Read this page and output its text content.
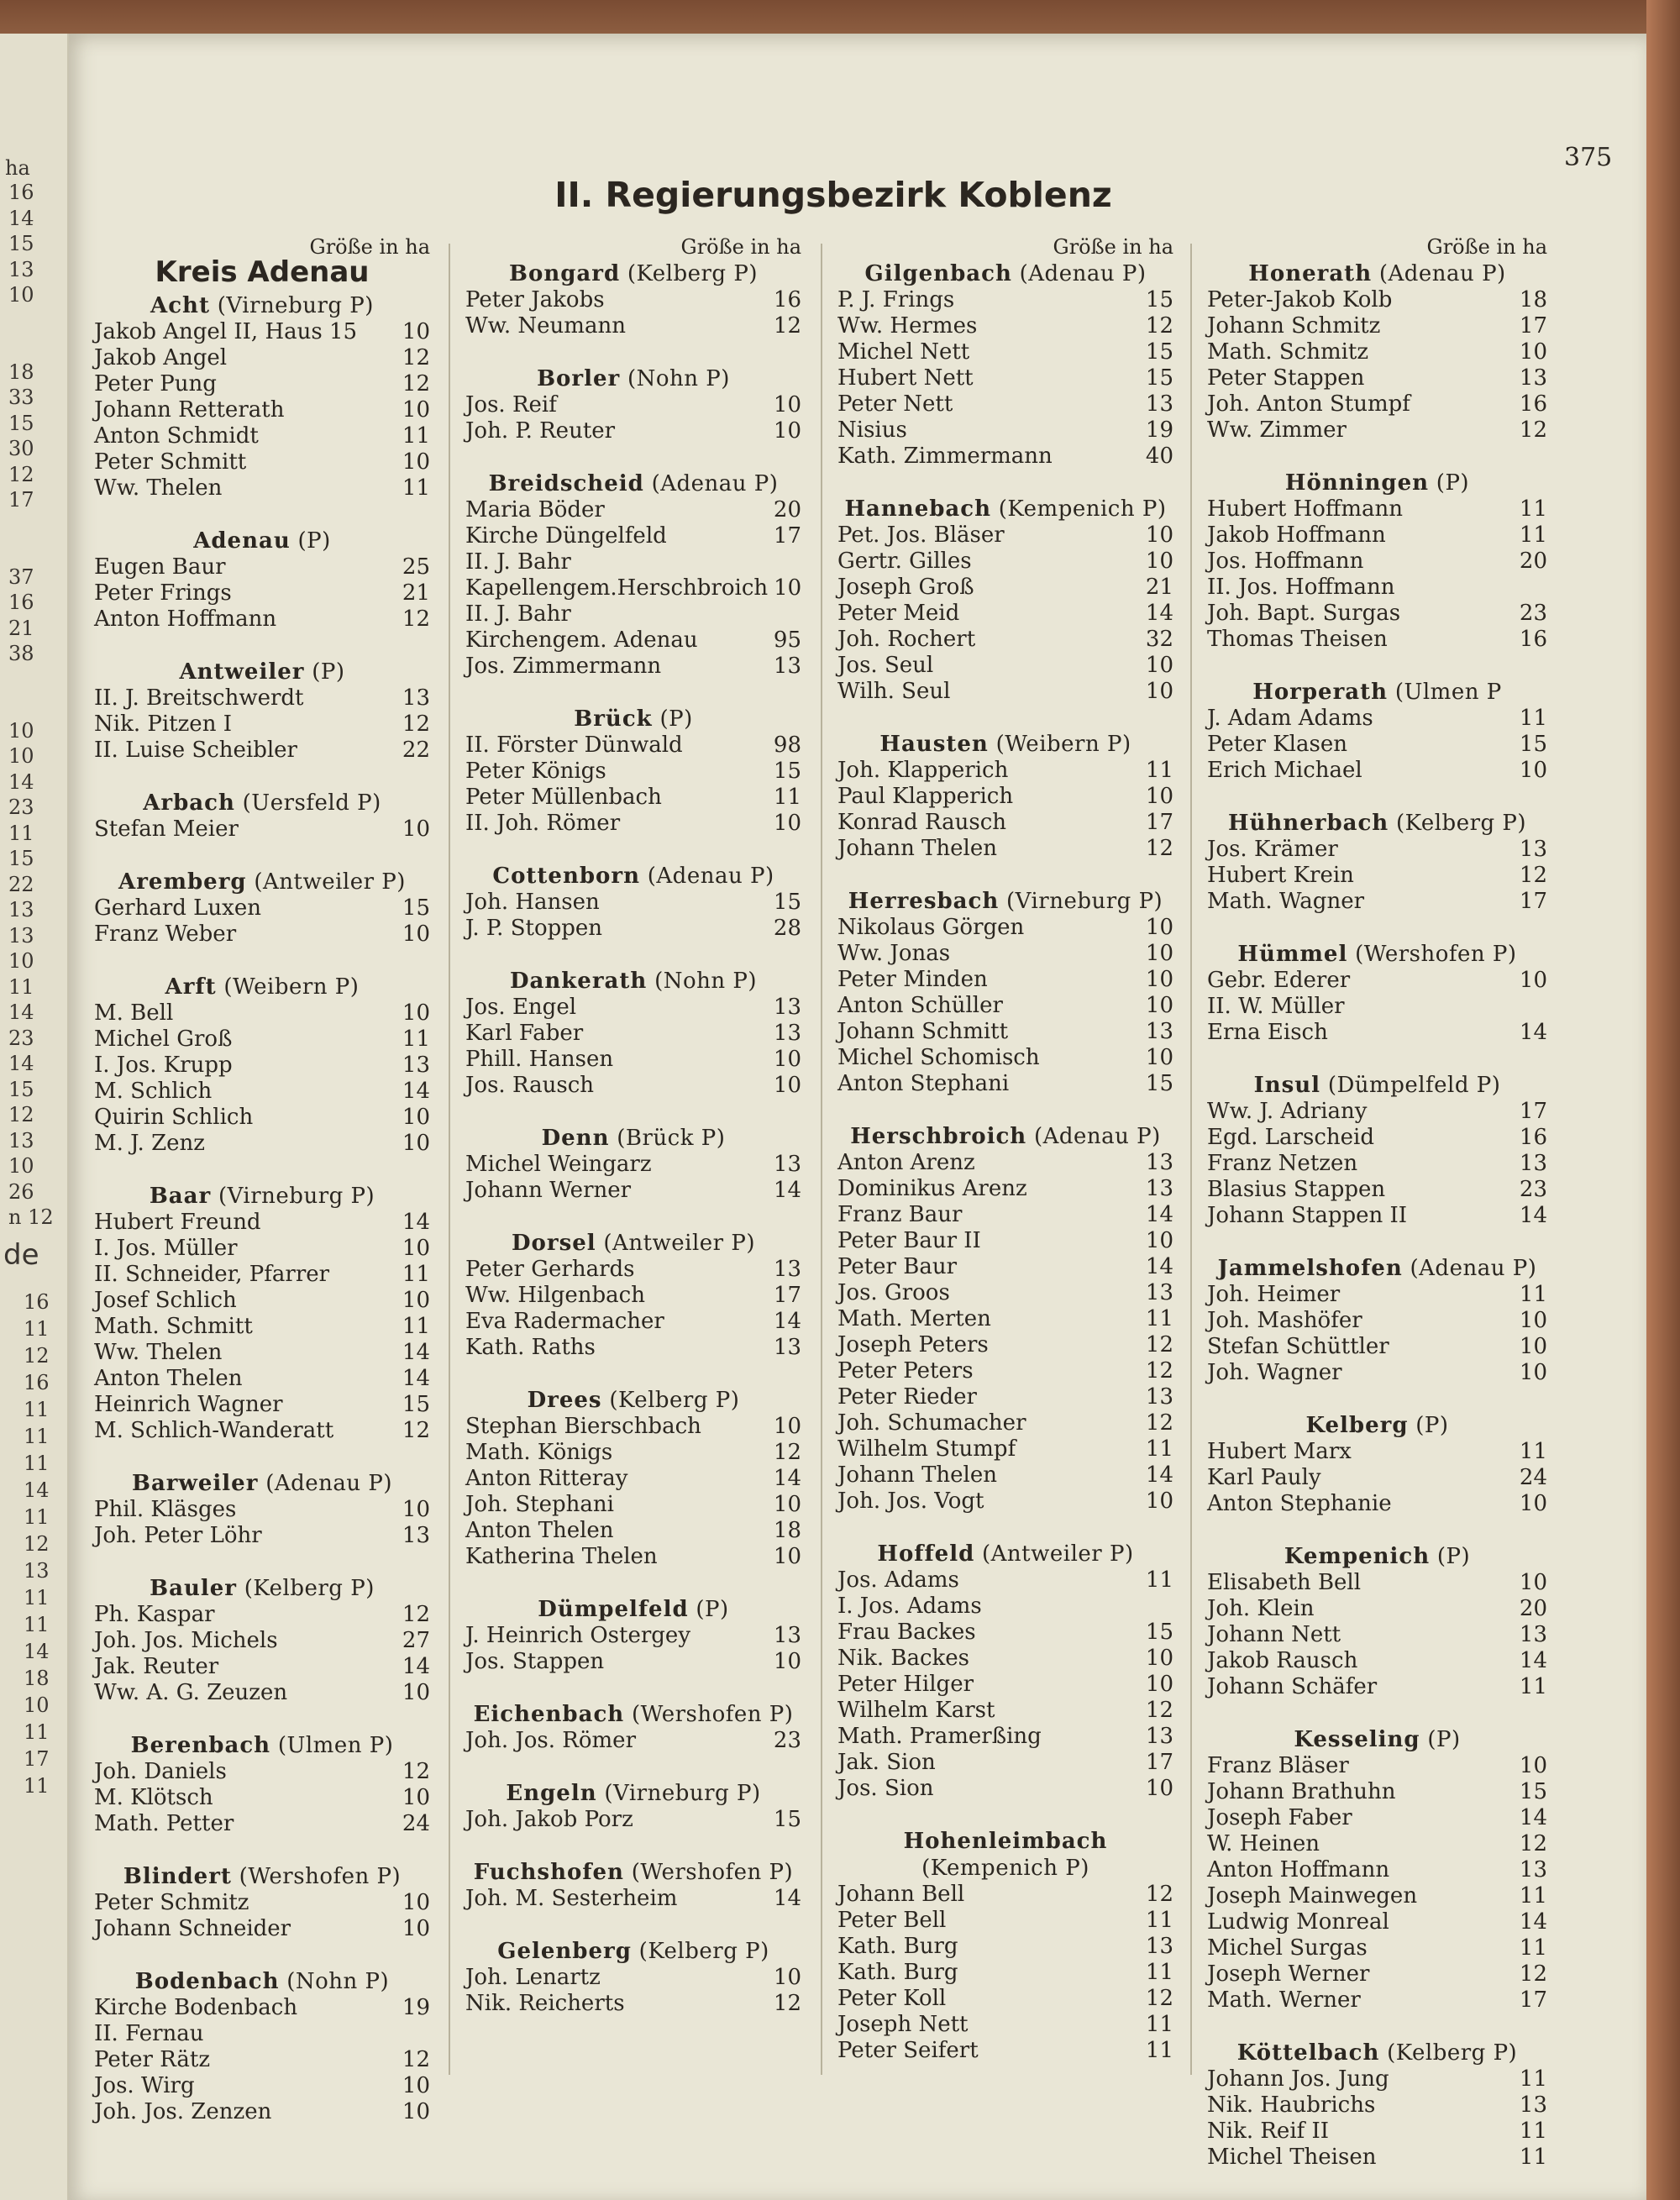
ha
16
14
15
13
10
18
33
15
30
12
17
37
16
21
38
10
10
14
23
11
15
22
13
13
10
11
14
23
14
15
12
13
10
26
n 12
de
16
11
12
16
11
11
11
14
11
12
13
11
11
14
18
10
11
17
11
375
II. Regierungsbezirk Koblenz
Größe in ha
Kreis Adenau
Acht (Virneburg P)
Jakob Angel II, Haus 15 10
Jakob Angel	12
Peter Pung	12
Johann Retterath	10
Anton Schmidt	11
Peter Schmitt	10
Ww. Thelen	11
Adenau (P)
Eugen Baur	25
Peter Frings	21
Anton Hoffmann	12
Antweiler (P)
II. J. Breitschwerdt	13
Nik. Pitzen I	12
II. Luise Scheibler	22
Arbach (Uersfeld P)
Stefan Meier	10
Aremberg (Antweiler P)
Gerhard Luxen	15
Franz Weber	10
Arft (Weibern P)
M. Bell	10
Michel Groß	11
I. Jos. Krupp	13
M. Schlich	14
Quirin Schlich	10
M. J. Zenz	10
Baar (Virneburg P)
Hubert Freund	14
I. Jos. Müller	10
II. Schneider, Pfarrer	11
Josef Schlich	10
Math. Schmitt	11
Ww. Thelen	14
Anton Thelen	14
Heinrich Wagner	15
M. Schlich-Wanderatt	12
Barweiler (Adenau P)
Phil. Kläsges	10
Joh. Peter Löhr	13
Bauler (Kelberg P)
Ph. Kaspar	12
Joh. Jos. Michels	27
Jak. Reuter	14
Ww. A. G. Zeuzen	10
Berenbach (Ulmen P)
Joh. Daniels	12
M. Klötsch	10
Math. Petter	24
Blindert (Wershofen P)
Peter Schmitz	10
Johann Schneider	10
Bodenbach (Nohn P)
Kirche Bodenbach	19
II. Fernau
Peter Rätz	12
Jos. Wirg	10
Joh. Jos. Zenzen	10
Größe in ha
Bongard (Kelberg P)
Peter Jakobs	16
Ww. Neumann	12
Borler (Nohn P)
Jos. Reif	10
Joh. P. Reuter	10
Breidscheid (Adenau P)
Maria Böder	20
Kirche Düngelfeld	17
II. J. Bahr
Kapellengem.Herschbroich 10
II. J. Bahr
Kirchengem. Adenau	95
Jos. Zimmermann	13
Brück (P)
II. Förster Dünwald	98
Peter Königs	15
Peter Müllenbach	11
II. Joh. Römer	10
Cottenborn (Adenau P)
Joh. Hansen	15
J. P. Stoppen	28
Dankerath (Nohn P)
Jos. Engel	13
Karl Faber	13
Phill. Hansen	10
Jos. Rausch	10
Denn (Brück P)
Michel Weingarz	13
Johann Werner	14
Dorsel (Antweiler P)
Peter Gerhards	13
Ww. Hilgenbach	17
Eva Radermacher	14
Kath. Raths	13
Drees (Kelberg P)
Stephan Bierschbach	10
Math. Königs	12
Anton Ritteray	14
Joh. Stephani	10
Anton Thelen	18
Katherina Thelen	10
Dümpelfeld (P)
J. Heinrich Ostergey	13
Jos. Stappen	10
Eichenbach (Wershofen P)
Joh. Jos. Römer	23
Engeln (Virneburg P)
Joh. Jakob Porz	15
Fuchshofen (Wershofen P)
Joh. M. Sesterheim	14
Gelenberg (Kelberg P)
Joh. Lenartz	10
Nik. Reicherts	12
Größe in ha
Gilgenbach (Adenau P)
P. J. Frings	15
Ww. Hermes	12
Michel Nett	15
Hubert Nett	15
Peter Nett	13
Nisius	19
Kath. Zimmermann	40
Hannebach (Kempenich P)
Pet. Jos. Bläser	10
Gertr. Gilles	10
Joseph Groß	21
Peter Meid	14
Joh. Rochert	32
Jos. Seul	10
Wilh. Seul	10
Hausten (Weibern P)
Joh. Klapperich	11
Paul Klapperich	10
Konrad Rausch	17
Johann Thelen	12
Herresbach (Virneburg P)
Nikolaus Görgen	10
Ww. Jonas	10
Peter Minden	10
Anton Schüller	10
Johann Schmitt	13
Michel Schomisch	10
Anton Stephani	15
Herschbroich (Adenau P)
Anton Arenz	13
Dominikus Arenz	13
Franz Baur	14
Peter Baur II	10
Peter Baur	14
Jos. Groos	13
Math. Merten	11
Joseph Peters	12
Peter Peters	12
Peter Rieder	13
Joh. Schumacher	12
Wilhelm Stumpf	11
Johann Thelen	14
Joh. Jos. Vogt	10
Hoffeld (Antweiler P)
Jos. Adams	11
I. Jos. Adams
Frau Backes	15
Nik. Backes	10
Peter Hilger	10
Wilhelm Karst	12
Math. Pramerßing	13
Jak. Sion	17
Jos. Sion	10
Hohenleimbach
(Kempenich P)
Johann Bell	12
Peter Bell	11
Kath. Burg	13
Kath. Burg	11
Peter Koll	12
Joseph Nett	11
Peter Seifert	11
Größe in ha
Honerath (Adenau P)
Peter-Jakob Kolb	18
Johann Schmitz	17
Math. Schmitz	10
Peter Stappen	13
Joh. Anton Stumpf	16
Ww. Zimmer	12
Hönningen (P)
Hubert Hoffmann	11
Jakob Hoffmann	11
Jos. Hoffmann	20
II. Jos. Hoffmann
Joh. Bapt. Surgas	23
Thomas Theisen	16
Horperath (Ulmen P
J. Adam Adams	11
Peter Klasen	15
Erich Michael	10
Hühnerbach (Kelberg P)
Jos. Krämer	13
Hubert Krein	12
Math. Wagner	17
Hümmel (Wershofen P)
Gebr. Ederer	10
II. W. Müller
Erna Eisch	14
Insul (Dümpelfeld P)
Ww. J. Adriany	17
Egd. Larscheid	16
Franz Netzen	13
Blasius Stappen	23
Johann Stappen II	14
Jammelshofen (Adenau P)
Joh. Heimer	11
Joh. Mashöfer	10
Stefan Schüttler	10
Joh. Wagner	10
Kelberg (P)
Hubert Marx	11
Karl Pauly	24
Anton Stephanie	10
Kempenich (P)
Elisabeth Bell	10
Joh. Klein	20
Johann Nett	13
Jakob Rausch	14
Johann Schäfer	11
Kesseling (P)
Franz Bläser	10
Johann Brathuhn	15
Joseph Faber	14
W. Heinen	12
Anton Hoffmann	13
Joseph Mainwegen	11
Ludwig Monreal	14
Michel Surgas	11
Joseph Werner	12
Math. Werner	17
Köttelbach (Kelberg P)
Johann Jos. Jung	11
Nik. Haubrichs	13
Nik. Reif II	11
Michel Theisen	11
